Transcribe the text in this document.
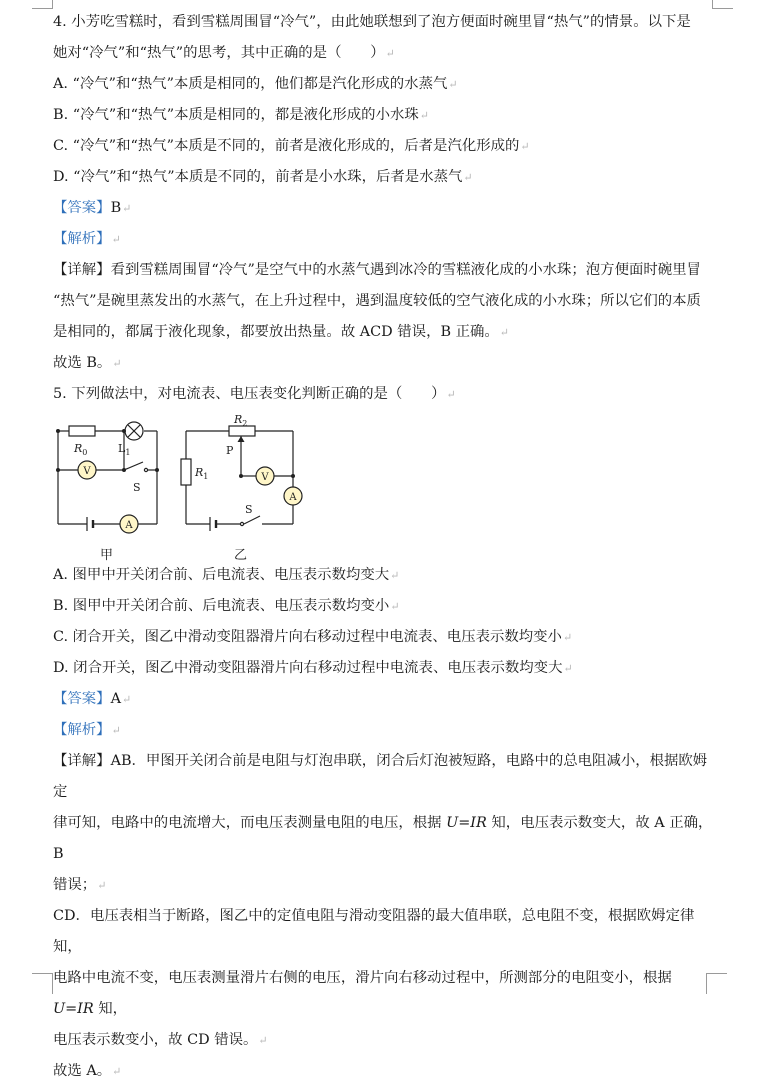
4. 小芳吃雪糕时，看到雪糕周围冒“冷气”，由此她联想到了泡方便面时碗里冒“热气”的情景。以下是

她对“冷气”和“热气”的思考，其中正确的是（　　）↵

A. “冷气”和“热气”本质是相同的，他们都是汽化形成的水蒸气↵

B. “冷气”和“热气”本质是相同的，都是液化形成的小水珠↵

C. “冷气”和“热气”本质是不同的，前者是液化形成的，后者是汽化形成的↵

D. “冷气”和“热气”本质是不同的，前者是小水珠，后者是水蒸气↵

【答案】B↵

【解析】↵

【详解】看到雪糕周围冒“冷气”是空气中的水蒸气遇到冰冷的雪糕液化成的小水珠；泡方便面时碗里冒

“热气”是碗里蒸发出的水蒸气，在上升过程中，遇到温度较低的空气液化成的小水珠；所以它们的本质

是相同的，都属于液化现象，都要放出热量。故 ACD 错误，B 正确。↵

故选 B。↵

5. 下列做法中，对电流表、电压表变化判断正确的是（　　）↵

$R_0$	$L_1$
V
S
A
$R_2$
P
$R_1$	V
A
S
甲	乙

A. 图甲中开关闭合前、后电流表、电压表示数均变大↵

B. 图甲中开关闭合前、后电流表、电压表示数均变小↵

C. 闭合开关，图乙中滑动变阻器滑片向右移动过程中电流表、电压表示数均变小↵

D. 闭合开关，图乙中滑动变阻器滑片向右移动过程中电流表、电压表示数均变大↵

【答案】A↵

【解析】↵

【详解】AB．甲图开关闭合前是电阻与灯泡串联，闭合后灯泡被短路，电路中的总电阻减小，根据欧姆定

律可知，电路中的电流增大，而电压表测量电阻的电压，根据 U=IR 知，电压表示数变大，故 A 正确，B

错误；↵

CD．电压表相当于断路，图乙中的定值电阻与滑动变阻器的最大值串联，总电阻不变，根据欧姆定律知，

电路中电流不变，电压表测量滑片右侧的电压，滑片向右移动过程中，所测部分的电阻变小，根据 U=IR 知，

电压表示数变小，故 CD 错误。↵

故选 A。↵
